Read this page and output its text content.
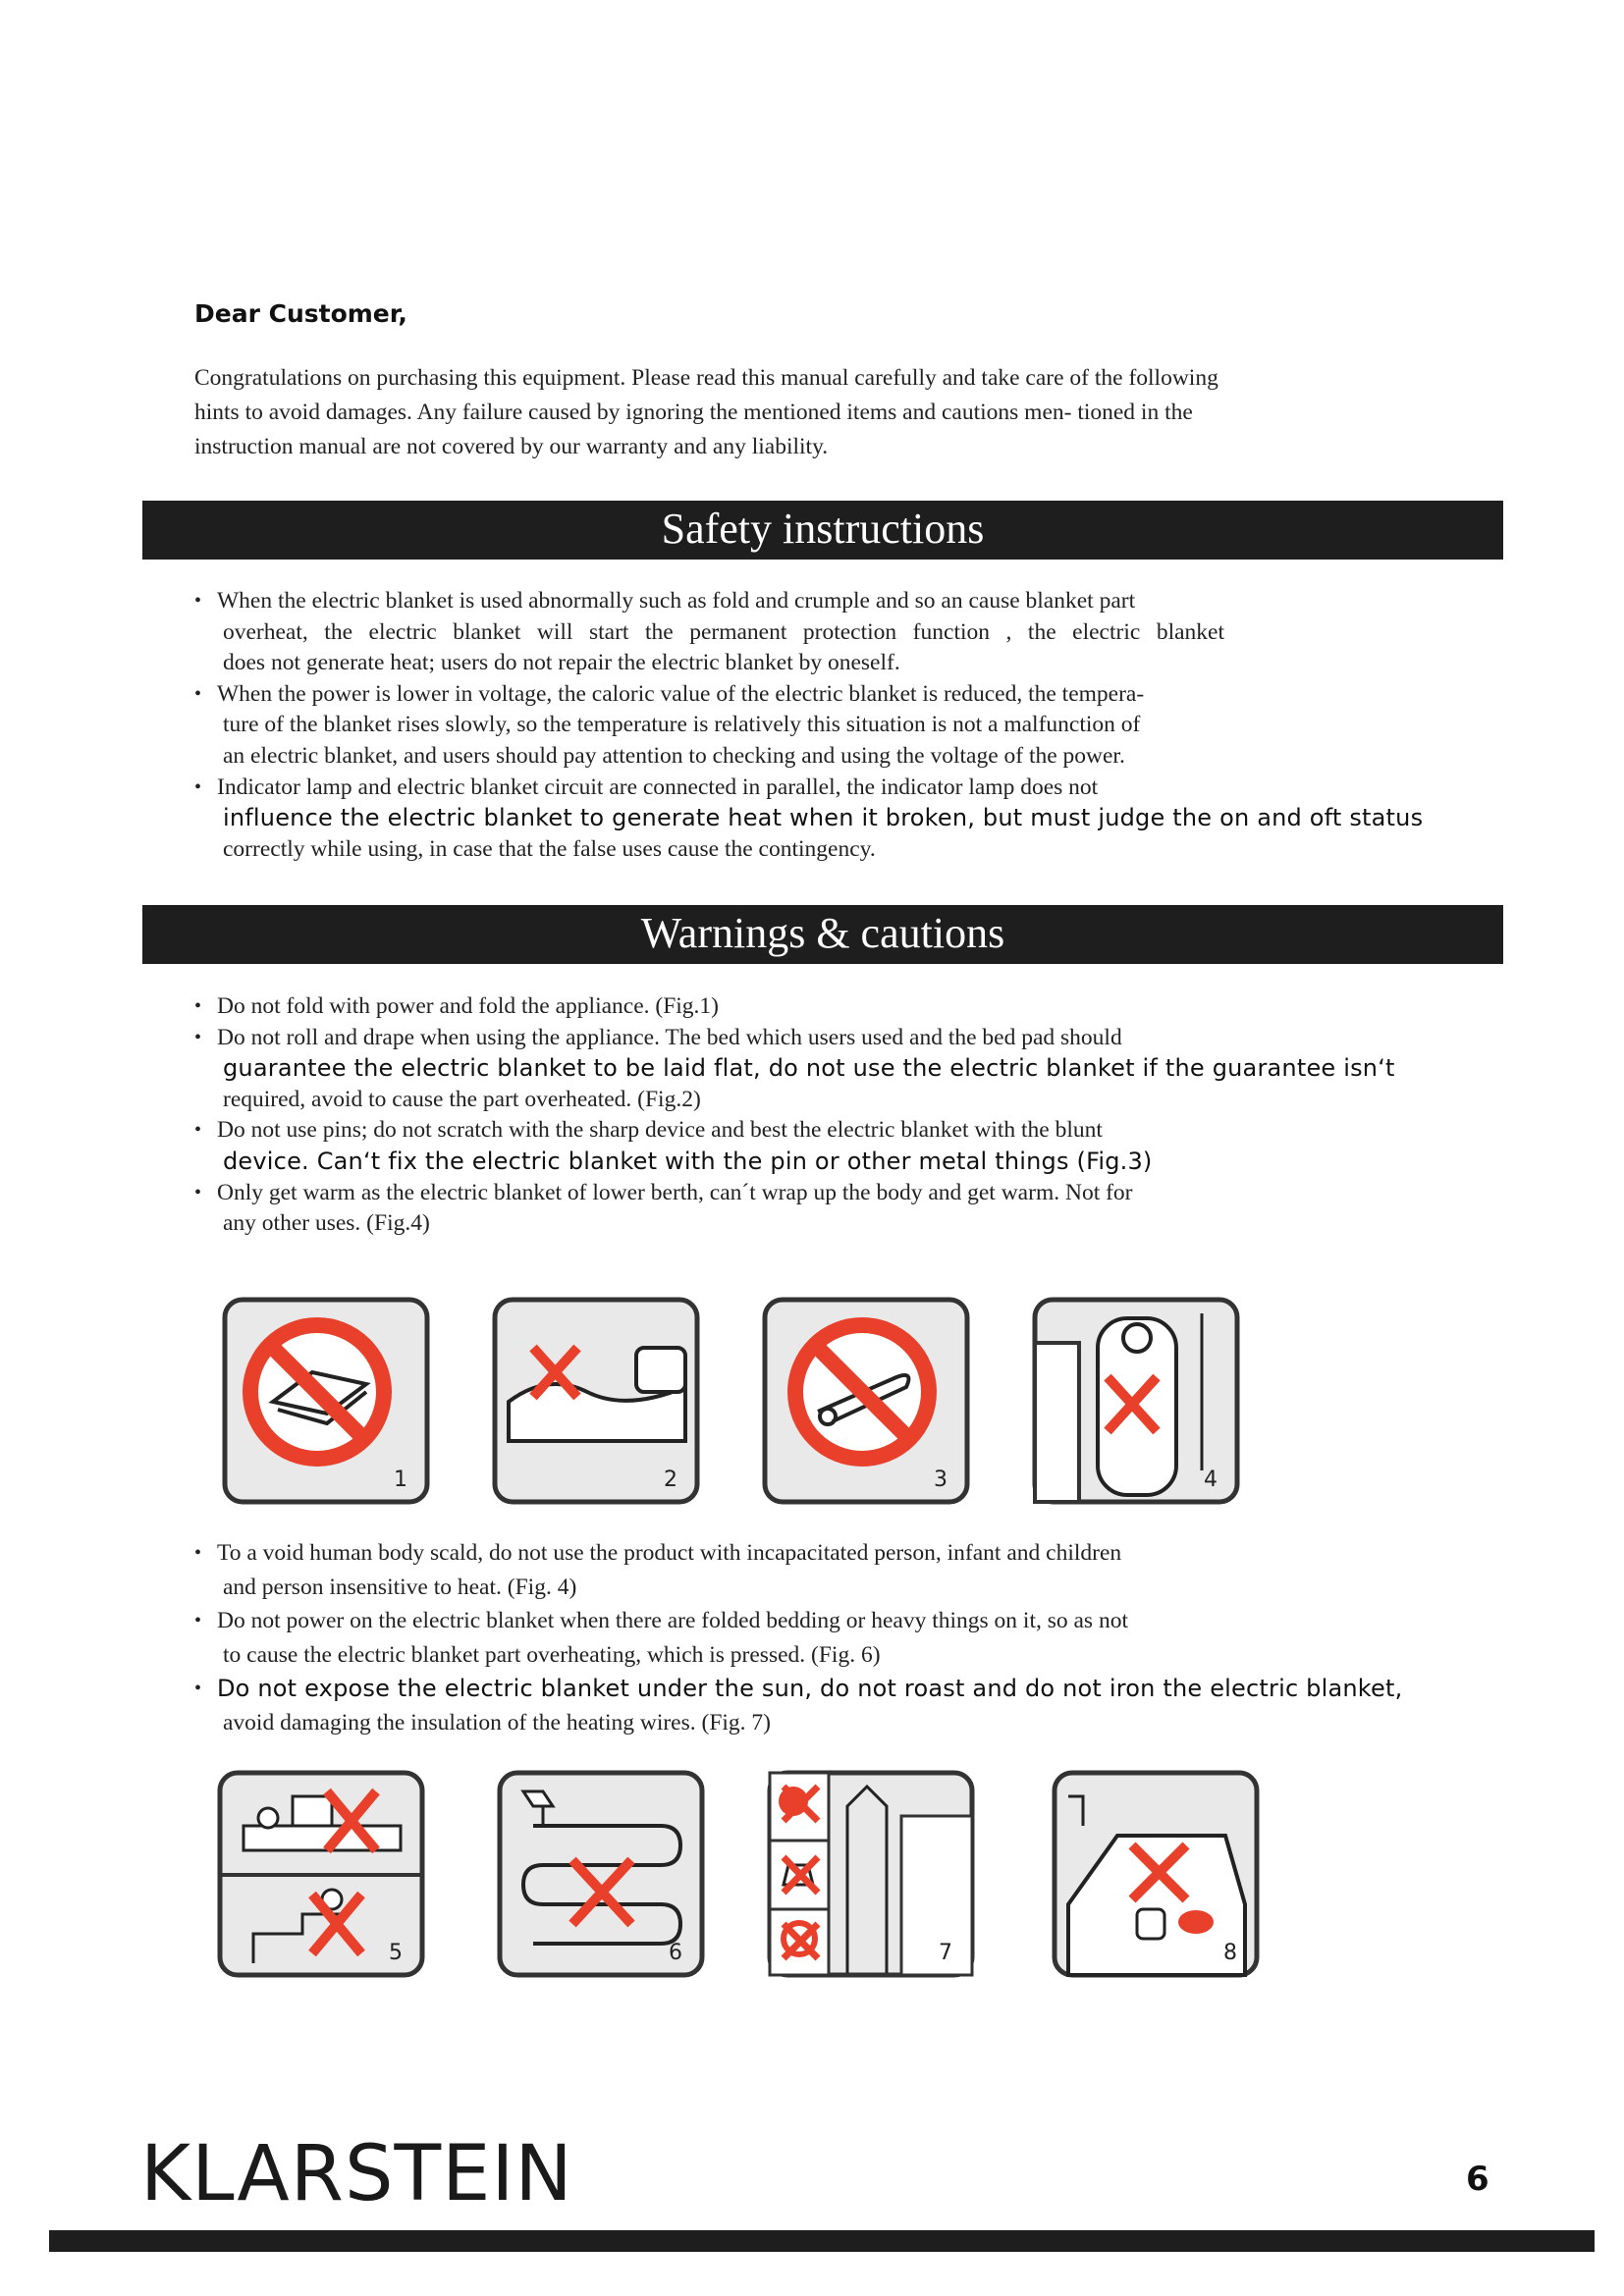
Dear Customer,

Congratulations on purchasing this equipment. Please read this manual carefully and take care of the following hints to avoid damages. Any failure caused by ignoring the mentioned items and cautions men- tioned in the instruction manual are not covered by our warranty and any liability.

Safety instructions
• When the electric blanket is used abnormally such as fold and crumple and so an cause blanket part
overheat, the electric blanket will start the permanent protection function , the electric blanket
does not generate heat; users do not repair the electric blanket by oneself.
• When the power is lower in voltage, the caloric value of the electric blanket is reduced, the tempera-
ture of the blanket rises slowly, so the temperature is relatively this situation is not a malfunction of
an electric blanket, and users should pay attention to checking and using the voltage of the power.
• Indicator lamp and electric blanket circuit are connected in parallel, the indicator lamp does not
influence the electric blanket to generate heat when it broken, but must judge the on and oft status
correctly while using, in case that the false uses cause the contingency.
Warnings & cautions
• Do not fold with power and fold the appliance. (Fig.1)
• Do not roll and drape when using the appliance. The bed which users used and the bed pad should
guarantee the electric blanket to be laid flat, do not use the electric blanket if the guarantee isn‘t
required, avoid to cause the part overheated. (Fig.2)
• Do not use pins; do not scratch with the sharp device and best the electric blanket with the blunt
device. Can‘t fix the electric blanket with the pin or other metal things (Fig.3)
• Only get warm as the electric blanket of lower berth, can´t wrap up the body and get warm. Not for
any other uses. (Fig.4)
1	2	3	4
• To a void human body scald, do not use the product with incapacitated person, infant and children
and person insensitive to heat. (Fig. 4)
• Do not power on the electric blanket when there are folded bedding or heavy things on it, so as not
to cause the electric blanket part overheating, which is pressed. (Fig. 6)
• Do not expose the electric blanket under the sun, do not roast and do not iron the electric blanket,
avoid damaging the insulation of the heating wires. (Fig. 7)
5	6	7	8
KLARSTEIN	6
